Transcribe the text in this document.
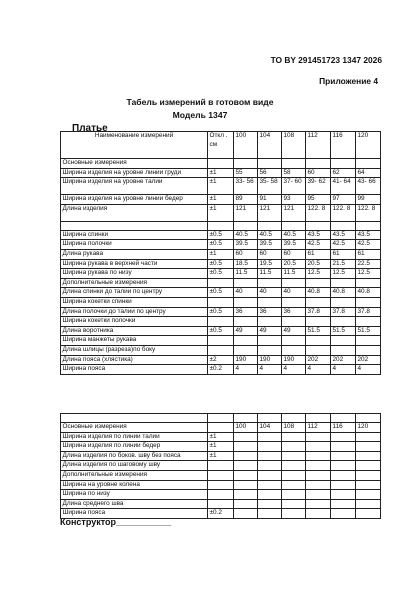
ТО BY 291451723 1347 2026
Приложение 4
Табель измерений в готовом виде
Модель 1347
Платье
Наименование измерений	Откл . см	100	104	108	112	116	120
Основные измерения							
Ширина изделия на уровне линии груди	±1	55	56	58	60	62	64
Ширина изделия на уровне талии	±1	33- 56	35- 58	37- 60	39- 62	41- 64	43- 66
Ширина изделия на уровне линии бедер	±1	89	91	93	95	97	99
Длина изделия	±1	121	121	121	122. 8	122. 8	122. 8

Ширина спинки	±0.5	40.5	40.5	40.5	43.5	43.5	43.5
Ширина полочки	±0.5	39.5	39.5	39.5	42.5	42.5	42.5
Длина рукава	±1	60	60	60	61	61	61
Ширина рукава в верхней части	±0.5	18.5	19.5	20.5	20.5	21.5	22.5
Ширина рукава по низу	±0.5	11.5	11.5	11.5	12.5	12.5	12.5
Дополнительные измерения							
Длина спинки до талии по центру	±0.5	40	40	40	40.8	40.8	40.8
Ширина кокетки спинки							
Длина полочки до талии по центру	±0.5	36	36	36	37.8	37.8	37.8
Ширина кокетки полочки							
Длина воротника	±0.5	49	49	49	51.5	51.5	51.5
Ширина манжеты рукава							
Длина шлицы (разреза)по боку							
Длина пояса (хлястика)	±2	190	190	190	202	202	202
Ширина пояса	±0.2	4	4	4	4	4	4

Основные измерения		100	104	108	112	116	120
Ширина изделия по линии талии	±1						
Ширина изделия по линии бедер	±1						
Длина изделия по боков. шву без пояса	±1						
Длина изделия по шаговому шву							
Дополнительные измерения							
Ширина на уровне колена							
Ширина по низу							
Длина среднего шва							
Ширина пояса	±0.2						
Конструктор___________
